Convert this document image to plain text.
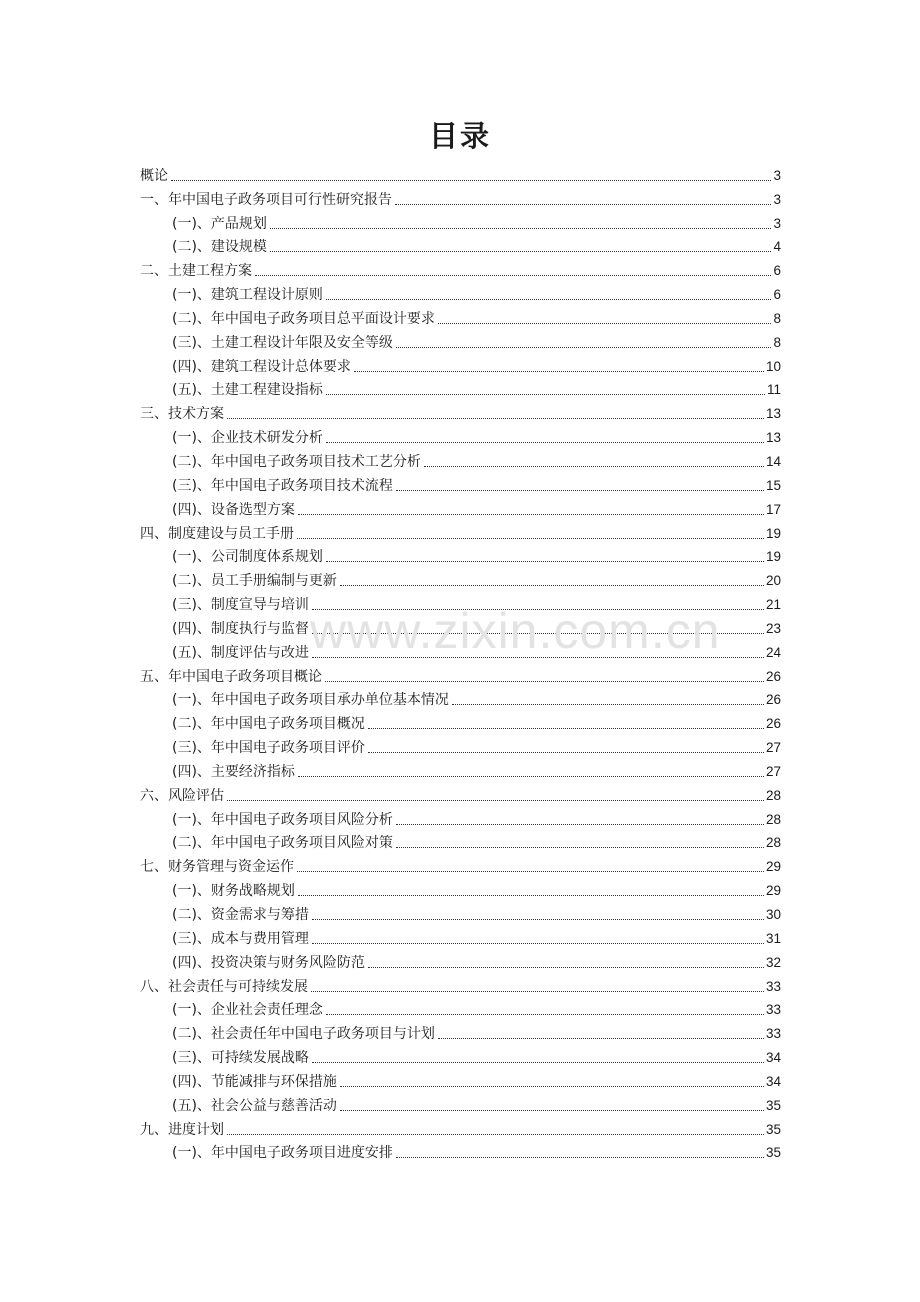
目录
概论	3
一、年中国电子政务项目可行性研究报告	3
(一)、产品规划	3
(二)、建设规模	4
二、土建工程方案	6
(一)、建筑工程设计原则	6
(二)、年中国电子政务项目总平面设计要求	8
(三)、土建工程设计年限及安全等级	8
(四)、建筑工程设计总体要求	10
(五)、土建工程建设指标	11
三、技术方案	13
(一)、企业技术研发分析	13
(二)、年中国电子政务项目技术工艺分析	14
(三)、年中国电子政务项目技术流程	15
(四)、设备选型方案	17
四、制度建设与员工手册	19
(一)、公司制度体系规划	19
(二)、员工手册编制与更新	20
(三)、制度宣导与培训	21
(四)、制度执行与监督	23
(五)、制度评估与改进	24
五、年中国电子政务项目概论	26
(一)、年中国电子政务项目承办单位基本情况	26
(二)、年中国电子政务项目概况	26
(三)、年中国电子政务项目评价	27
(四)、主要经济指标	27
六、风险评估	28
(一)、年中国电子政务项目风险分析	28
(二)、年中国电子政务项目风险对策	28
七、财务管理与资金运作	29
(一)、财务战略规划	29
(二)、资金需求与筹措	30
(三)、成本与费用管理	31
(四)、投资决策与财务风险防范	32
八、社会责任与可持续发展	33
(一)、企业社会责任理念	33
(二)、社会责任年中国电子政务项目与计划	33
(三)、可持续发展战略	34
(四)、节能减排与环保措施	34
(五)、社会公益与慈善活动	35
九、进度计划	35
(一)、年中国电子政务项目进度安排	35
www.zixin.com.cn
